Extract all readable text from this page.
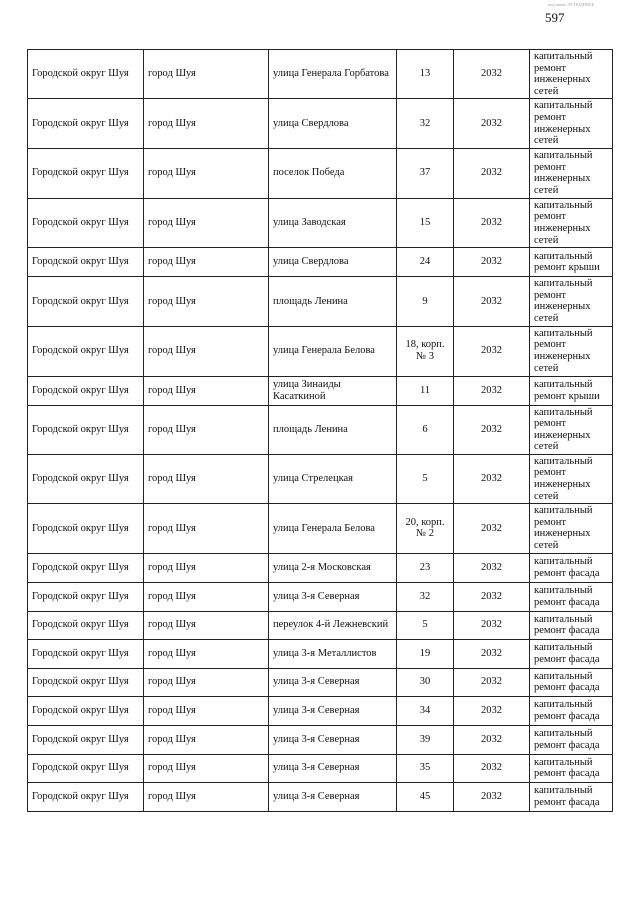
подлинно ЭЛ.ПОДПИСЬ
597
Городской округ Шуя	город Шуя	улица Генерала Горбатова	13	2032	капитальный ремонт инженерных сетей
Городской округ Шуя	город Шуя	улица Свердлова	32	2032	капитальный ремонт инженерных сетей
Городской округ Шуя	город Шуя	поселок Победа	37	2032	капитальный ремонт инженерных сетей
Городской округ Шуя	город Шуя	улица Заводская	15	2032	капитальный ремонт инженерных сетей
Городской округ Шуя	город Шуя	улица Свердлова	24	2032	капитальный ремонт крыши
Городской округ Шуя	город Шуя	площадь Ленина	9	2032	капитальный ремонт инженерных сетей
Городской округ Шуя	город Шуя	улица Генерала Белова	18, корп. № 3	2032	капитальный ремонт инженерных сетей
Городской округ Шуя	город Шуя	улица Зинаиды Касаткиной	11	2032	капитальный ремонт крыши
Городской округ Шуя	город Шуя	площадь Ленина	6	2032	капитальный ремонт инженерных сетей
Городской округ Шуя	город Шуя	улица Стрелецкая	5	2032	капитальный ремонт инженерных сетей
Городской округ Шуя	город Шуя	улица Генерала Белова	20, корп. № 2	2032	капитальный ремонт инженерных сетей
Городской округ Шуя	город Шуя	улица 2-я Московская	23	2032	капитальный ремонт фасада
Городской округ Шуя	город Шуя	улица 3-я Северная	32	2032	капитальный ремонт фасада
Городской округ Шуя	город Шуя	переулок 4-й Лежневский	5	2032	капитальный ремонт фасада
Городской округ Шуя	город Шуя	улица 3-я Металлистов	19	2032	капитальный ремонт фасада
Городской округ Шуя	город Шуя	улица 3-я Северная	30	2032	капитальный ремонт фасада
Городской округ Шуя	город Шуя	улица 3-я Северная	34	2032	капитальный ремонт фасада
Городской округ Шуя	город Шуя	улица 3-я Северная	39	2032	капитальный ремонт фасада
Городской округ Шуя	город Шуя	улица 3-я Северная	35	2032	капитальный ремонт фасада
Городской округ Шуя	город Шуя	улица 3-я Северная	45	2032	капитальный ремонт фасада
